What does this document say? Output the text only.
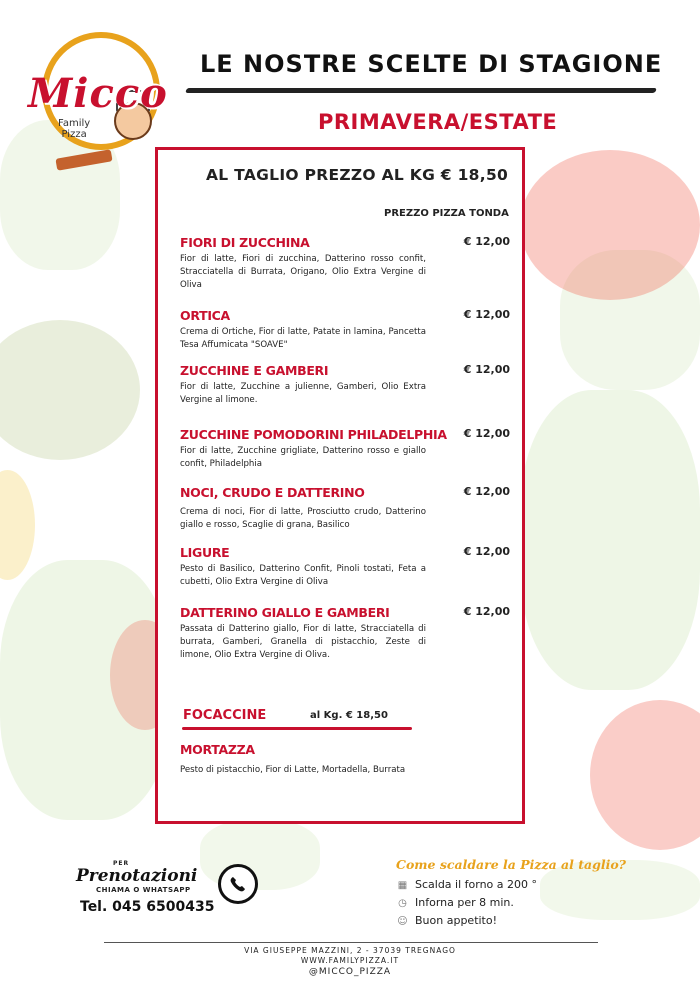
Micco
Family
Pizza
LE NOSTRE SCELTE DI STAGIONE
PRIMAVERA/ESTATE
AL TAGLIO PREZZO AL KG € 18,50
PREZZO PIZZA TONDA
FIORI DI ZUCCHINA	€ 12,00
Fior di latte, Fiori di zucchina, Datterino rosso confit, Stracciatella di Burrata, Origano, Olio Extra Vergine di Oliva
ORTICA	€ 12,00
Crema di Ortiche, Fior di latte, Patate in lamina, Pancetta Tesa Affumicata "SOAVE"
ZUCCHINE E GAMBERI	€ 12,00
Fior di latte, Zucchine a julienne, Gamberi, Olio Extra Vergine al limone.
ZUCCHINE POMODORINI PHILADELPHIA	€ 12,00
Fior di latte, Zucchine grigliate, Datterino rosso e giallo confit, Philadelphia
NOCI, CRUDO E DATTERINO	€ 12,00
Crema di noci, Fior di latte, Prosciutto crudo, Datterino giallo e rosso, Scaglie di grana, Basilico
LIGURE	€ 12,00
Pesto di Basilico, Datterino Confit, Pinoli tostati, Feta a cubetti, Olio Extra Vergine di Oliva
DATTERINO GIALLO E GAMBERI	€ 12,00
Passata di Datterino giallo, Fior di latte, Stracciatella di burrata, Gamberi, Granella di pistacchio, Zeste di limone, Olio Extra Vergine di Oliva.
FOCACCINE	al Kg. € 18,50
MORTAZZA
Pesto di pistacchio, Fior di Latte, Mortadella, Burrata
PER
Prenotazioni
CHIAMA O WHATSAPP
Tel. 045 6500435
Come scaldare la Pizza al taglio?
▦ Scalda il forno a 200 °
◷ Inforna per 8 min.
☺ Buon appetito!
VIA GIUSEPPE MAZZINI, 2 - 37039 TREGNAGO
WWW.FAMILYPIZZA.IT
@MICCO_PIZZA
